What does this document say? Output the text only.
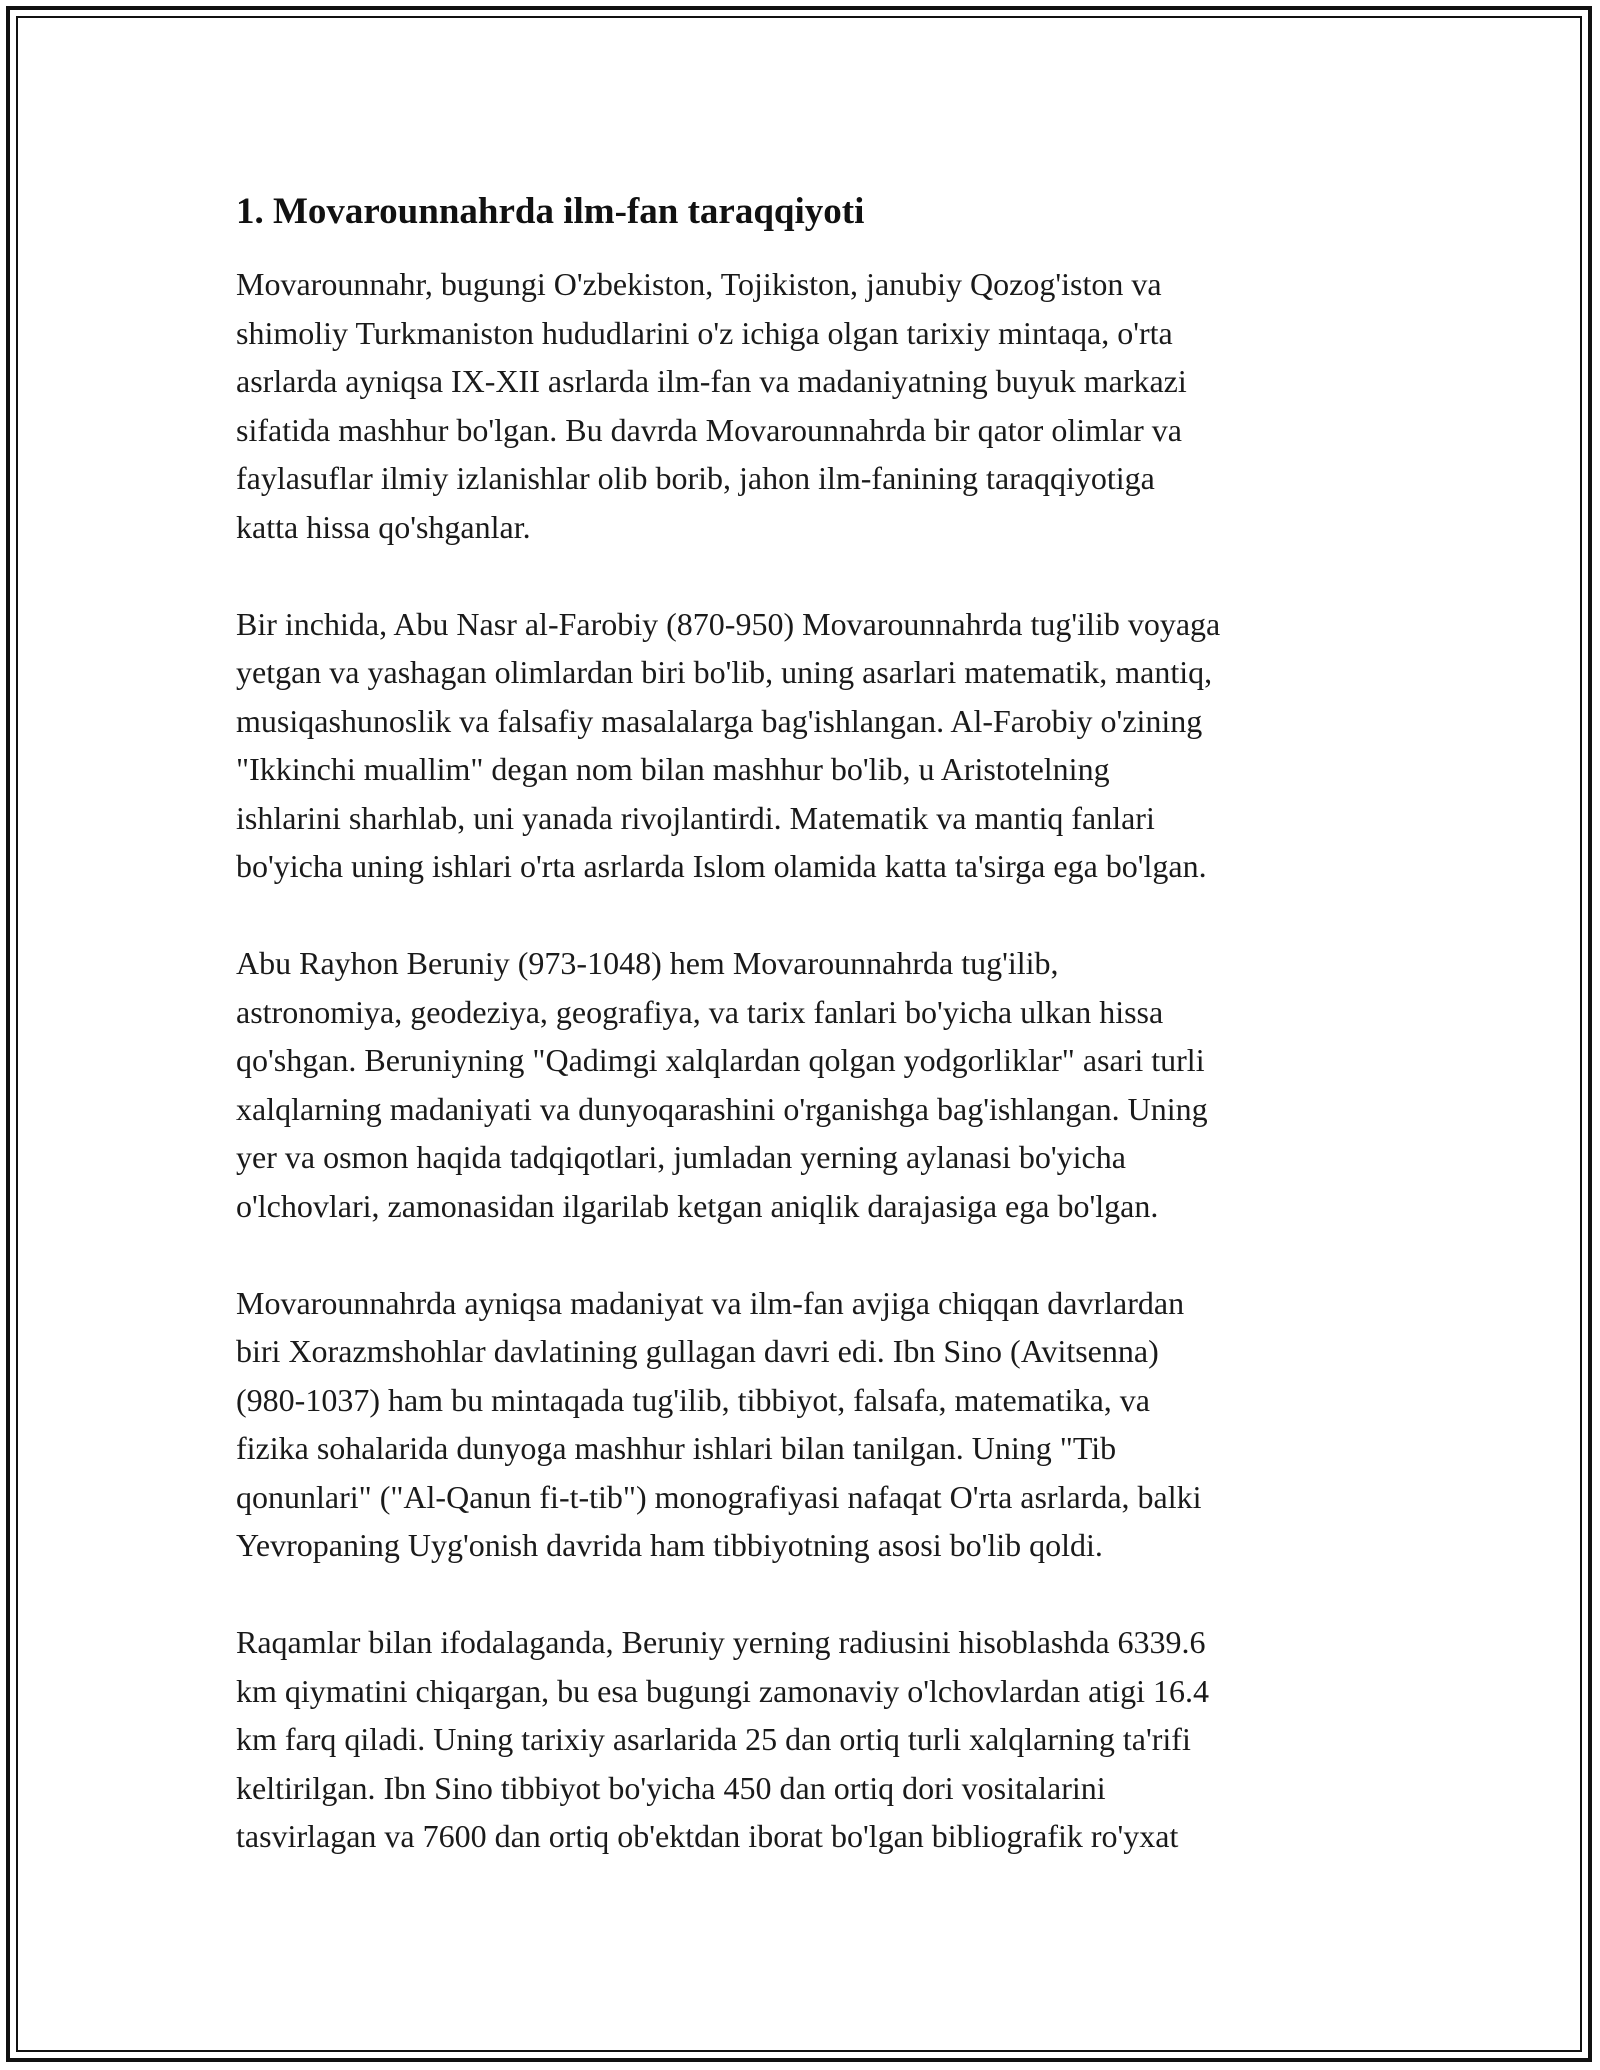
1. Movarounnahrda ilm-fan taraqqiyoti
Movarounnahr, bugungi O'zbekiston, Tojikiston, janubiy Qozog'iston va
shimoliy Turkmaniston hududlarini o'z ichiga olgan tarixiy mintaqa, o'rta
asrlarda ayniqsa IX-XII asrlarda ilm-fan va madaniyatning buyuk markazi
sifatida mashhur bo'lgan. Bu davrda Movarounnahrda bir qator olimlar va
faylasuflar ilmiy izlanishlar olib borib, jahon ilm-fanining taraqqiyotiga
katta hissa qo'shganlar.
Bir inchida, Abu Nasr al-Farobiy (870-950) Movarounnahrda tug'ilib voyaga
yetgan va yashagan olimlardan biri bo'lib, uning asarlari matematik, mantiq,
musiqashunoslik va falsafiy masalalarga bag'ishlangan. Al-Farobiy o'zining
"Ikkinchi muallim" degan nom bilan mashhur bo'lib, u Aristotelning
ishlarini sharhlab, uni yanada rivojlantirdi. Matematik va mantiq fanlari
bo'yicha uning ishlari o'rta asrlarda Islom olamida katta ta'sirga ega bo'lgan.
Abu Rayhon Beruniy (973-1048) hem Movarounnahrda tug'ilib,
astronomiya, geodeziya, geografiya, va tarix fanlari bo'yicha ulkan hissa
qo'shgan. Beruniyning "Qadimgi xalqlardan qolgan yodgorliklar" asari turli
xalqlarning madaniyati va dunyoqarashini o'rganishga bag'ishlangan. Uning
yer va osmon haqida tadqiqotlari, jumladan yerning aylanasi bo'yicha
o'lchovlari, zamonasidan ilgarilab ketgan aniqlik darajasiga ega bo'lgan.
Movarounnahrda ayniqsa madaniyat va ilm-fan avjiga chiqqan davrlardan
biri Xorazmshohlar davlatining gullagan davri edi. Ibn Sino (Avitsenna)
(980-1037) ham bu mintaqada tug'ilib, tibbiyot, falsafa, matematika, va
fizika sohalarida dunyoga mashhur ishlari bilan tanilgan. Uning "Tib
qonunlari" ("Al-Qanun fi-t-tib") monografiyasi nafaqat O'rta asrlarda, balki
Yevropaning Uyg'onish davrida ham tibbiyotning asosi bo'lib qoldi.
Raqamlar bilan ifodalaganda, Beruniy yerning radiusini hisoblashda 6339.6
km qiymatini chiqargan, bu esa bugungi zamonaviy o'lchovlardan atigi 16.4
km farq qiladi. Uning tarixiy asarlarida 25 dan ortiq turli xalqlarning ta'rifi
keltirilgan. Ibn Sino tibbiyot bo'yicha 450 dan ortiq dori vositalarini
tasvirlagan va 7600 dan ortiq ob'ektdan iborat bo'lgan bibliografik ro'yxat
